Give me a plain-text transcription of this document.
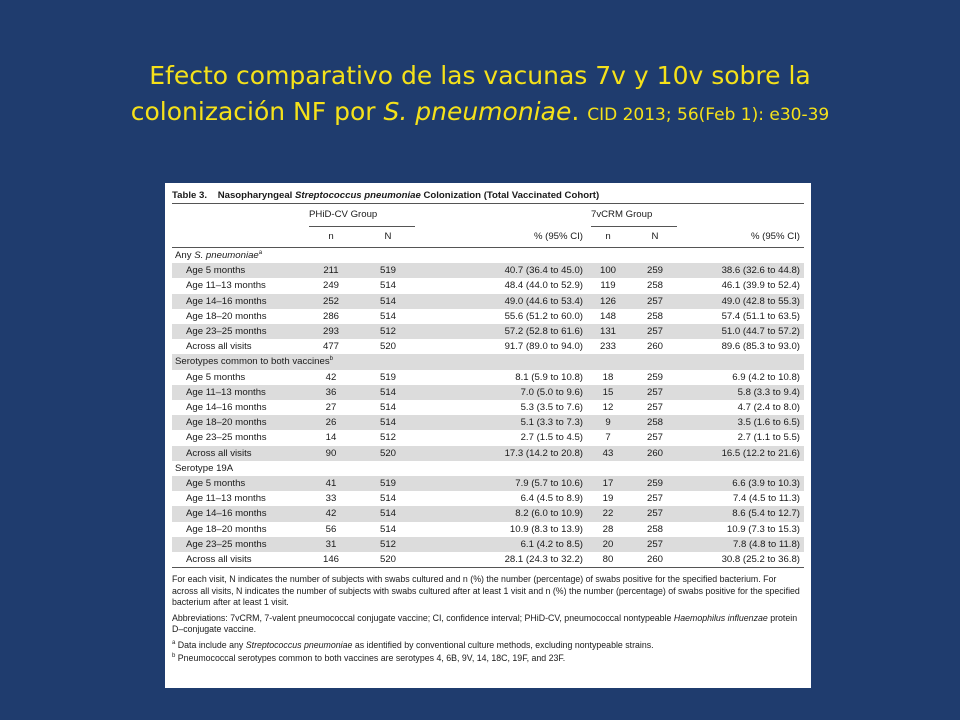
Efecto comparativo de las vacunas 7v y 10v sobre la
colonización NF por S. pneumoniae. CID 2013; 56(Feb 1): e30-39
Table 3. Nasopharyngeal Streptococcus pneumoniae Colonization (Total Vaccinated Cohort)

	PHiD-CV Group			7vCRM Group		

	n	N	% (95% CI)	n	N	% (95% CI)
Any S. pneumoniae$^a$
Age 5 months	211	519	40.7 (36.4 to 45.0)	100	259	38.6 (32.6 to 44.8)
Age 11–13 months	249	514	48.4 (44.0 to 52.9)	119	258	46.1 (39.9 to 52.4)
Age 14–16 months	252	514	49.0 (44.6 to 53.4)	126	257	49.0 (42.8 to 55.3)
Age 18–20 months	286	514	55.6 (51.2 to 60.0)	148	258	57.4 (51.1 to 63.5)
Age 23–25 months	293	512	57.2 (52.8 to 61.6)	131	257	51.0 (44.7 to 57.2)
Across all visits	477	520	91.7 (89.0 to 94.0)	233	260	89.6 (85.3 to 93.0)
Serotypes common to both vaccines$^b$
Age 5 months	42	519	8.1 (5.9 to 10.8)	18	259	6.9 (4.2 to 10.8)
Age 11–13 months	36	514	7.0 (5.0 to 9.6)	15	257	5.8 (3.3 to 9.4)
Age 14–16 months	27	514	5.3 (3.5 to 7.6)	12	257	4.7 (2.4 to 8.0)
Age 18–20 months	26	514	5.1 (3.3 to 7.3)	9	258	3.5 (1.6 to 6.5)
Age 23–25 months	14	512	2.7 (1.5 to 4.5)	7	257	2.7 (1.1 to 5.5)
Across all visits	90	520	17.3 (14.2 to 20.8)	43	260	16.5 (12.2 to 21.6)
Serotype 19A						
Age 5 months	41	519	7.9 (5.7 to 10.6)	17	259	6.6 (3.9 to 10.3)
Age 11–13 months	33	514	6.4 (4.5 to 8.9)	19	257	7.4 (4.5 to 11.3)
Age 14–16 months	42	514	8.2 (6.0 to 10.9)	22	257	8.6 (5.4 to 12.7)
Age 18–20 months	56	514	10.9 (8.3 to 13.9)	28	258	10.9 (7.3 to 15.3)
Age 23–25 months	31	512	6.1 (4.2 to 8.5)	20	257	7.8 (4.8 to 11.8)
Across all visits	146	520	28.1 (24.3 to 32.2)	80	260	30.8 (25.2 to 36.8)

For each visit, N indicates the number of subjects with swabs cultured and n (%) the number (percentage) of swabs positive for the specified bacterium. For across all visits, N indicates the number of subjects with swabs cultured after at least 1 visit and n (%) the number (percentage) of swabs positive for the specified bacterium after at least 1 visit.

Abbreviations: 7vCRM, 7-valent pneumococcal conjugate vaccine; CI, confidence interval; PHiD-CV, pneumococcal nontypeable Haemophilus influenzae protein D–conjugate vaccine.

$^a$ Data include any Streptococcus pneumoniae as identified by conventional culture methods, excluding nontypeable strains.

$^b$ Pneumococcal serotypes common to both vaccines are serotypes 4, 6B, 9V, 14, 18C, 19F, and 23F.
